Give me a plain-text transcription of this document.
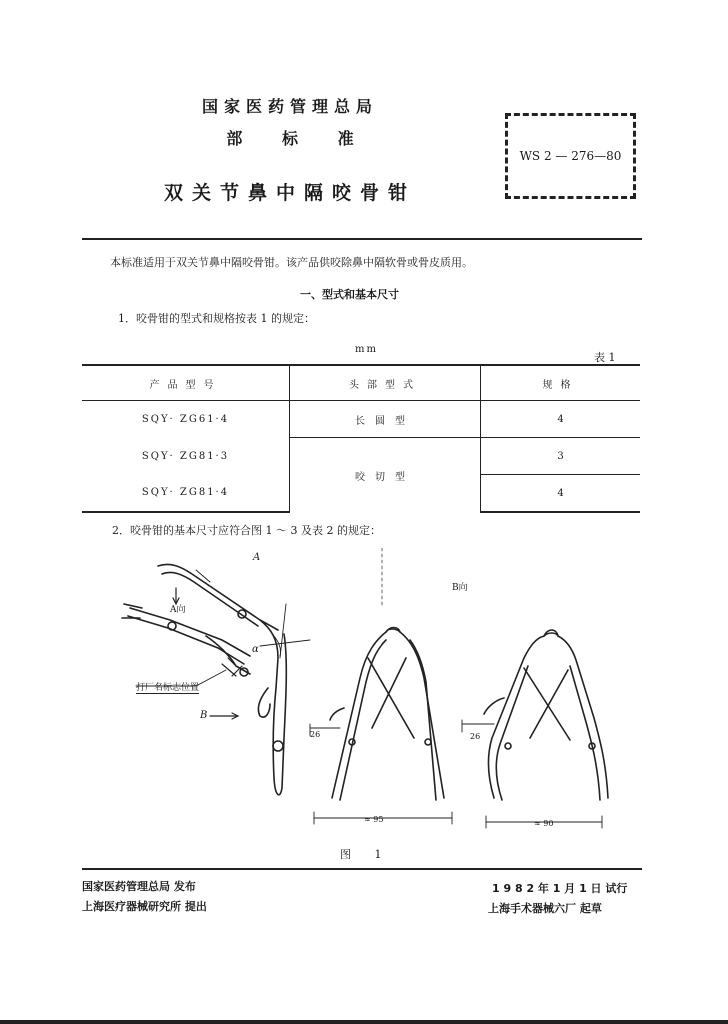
国家医药管理总局
部 标 准
双关节鼻中隔咬骨钳
WS 2 — 276—80
本标准适用于双关节鼻中隔咬骨钳。该产品供咬除鼻中隔软骨或骨皮质用。
一、型式和基本尺寸
1．咬骨钳的型式和规格按表 1 的规定：
mm
表 1
产品型号	头部型式	规格
SQY· ZG61·4	长圆型	4
SQY· ZG81·3	咬切型	3
SQY· ZG81·4		4
2．咬骨钳的基本尺寸应符合图 1 ～ 3 及表 2 的规定：
A
A向
B向
B
α
打厂名标志位置
26	26
≈ 95	≈ 90
图 1
国家医药管理总局 发布
上海医疗器械研究所 提出
1 9 8 2 年 1 月 1 日 试行
上海手术器械六厂 起草
